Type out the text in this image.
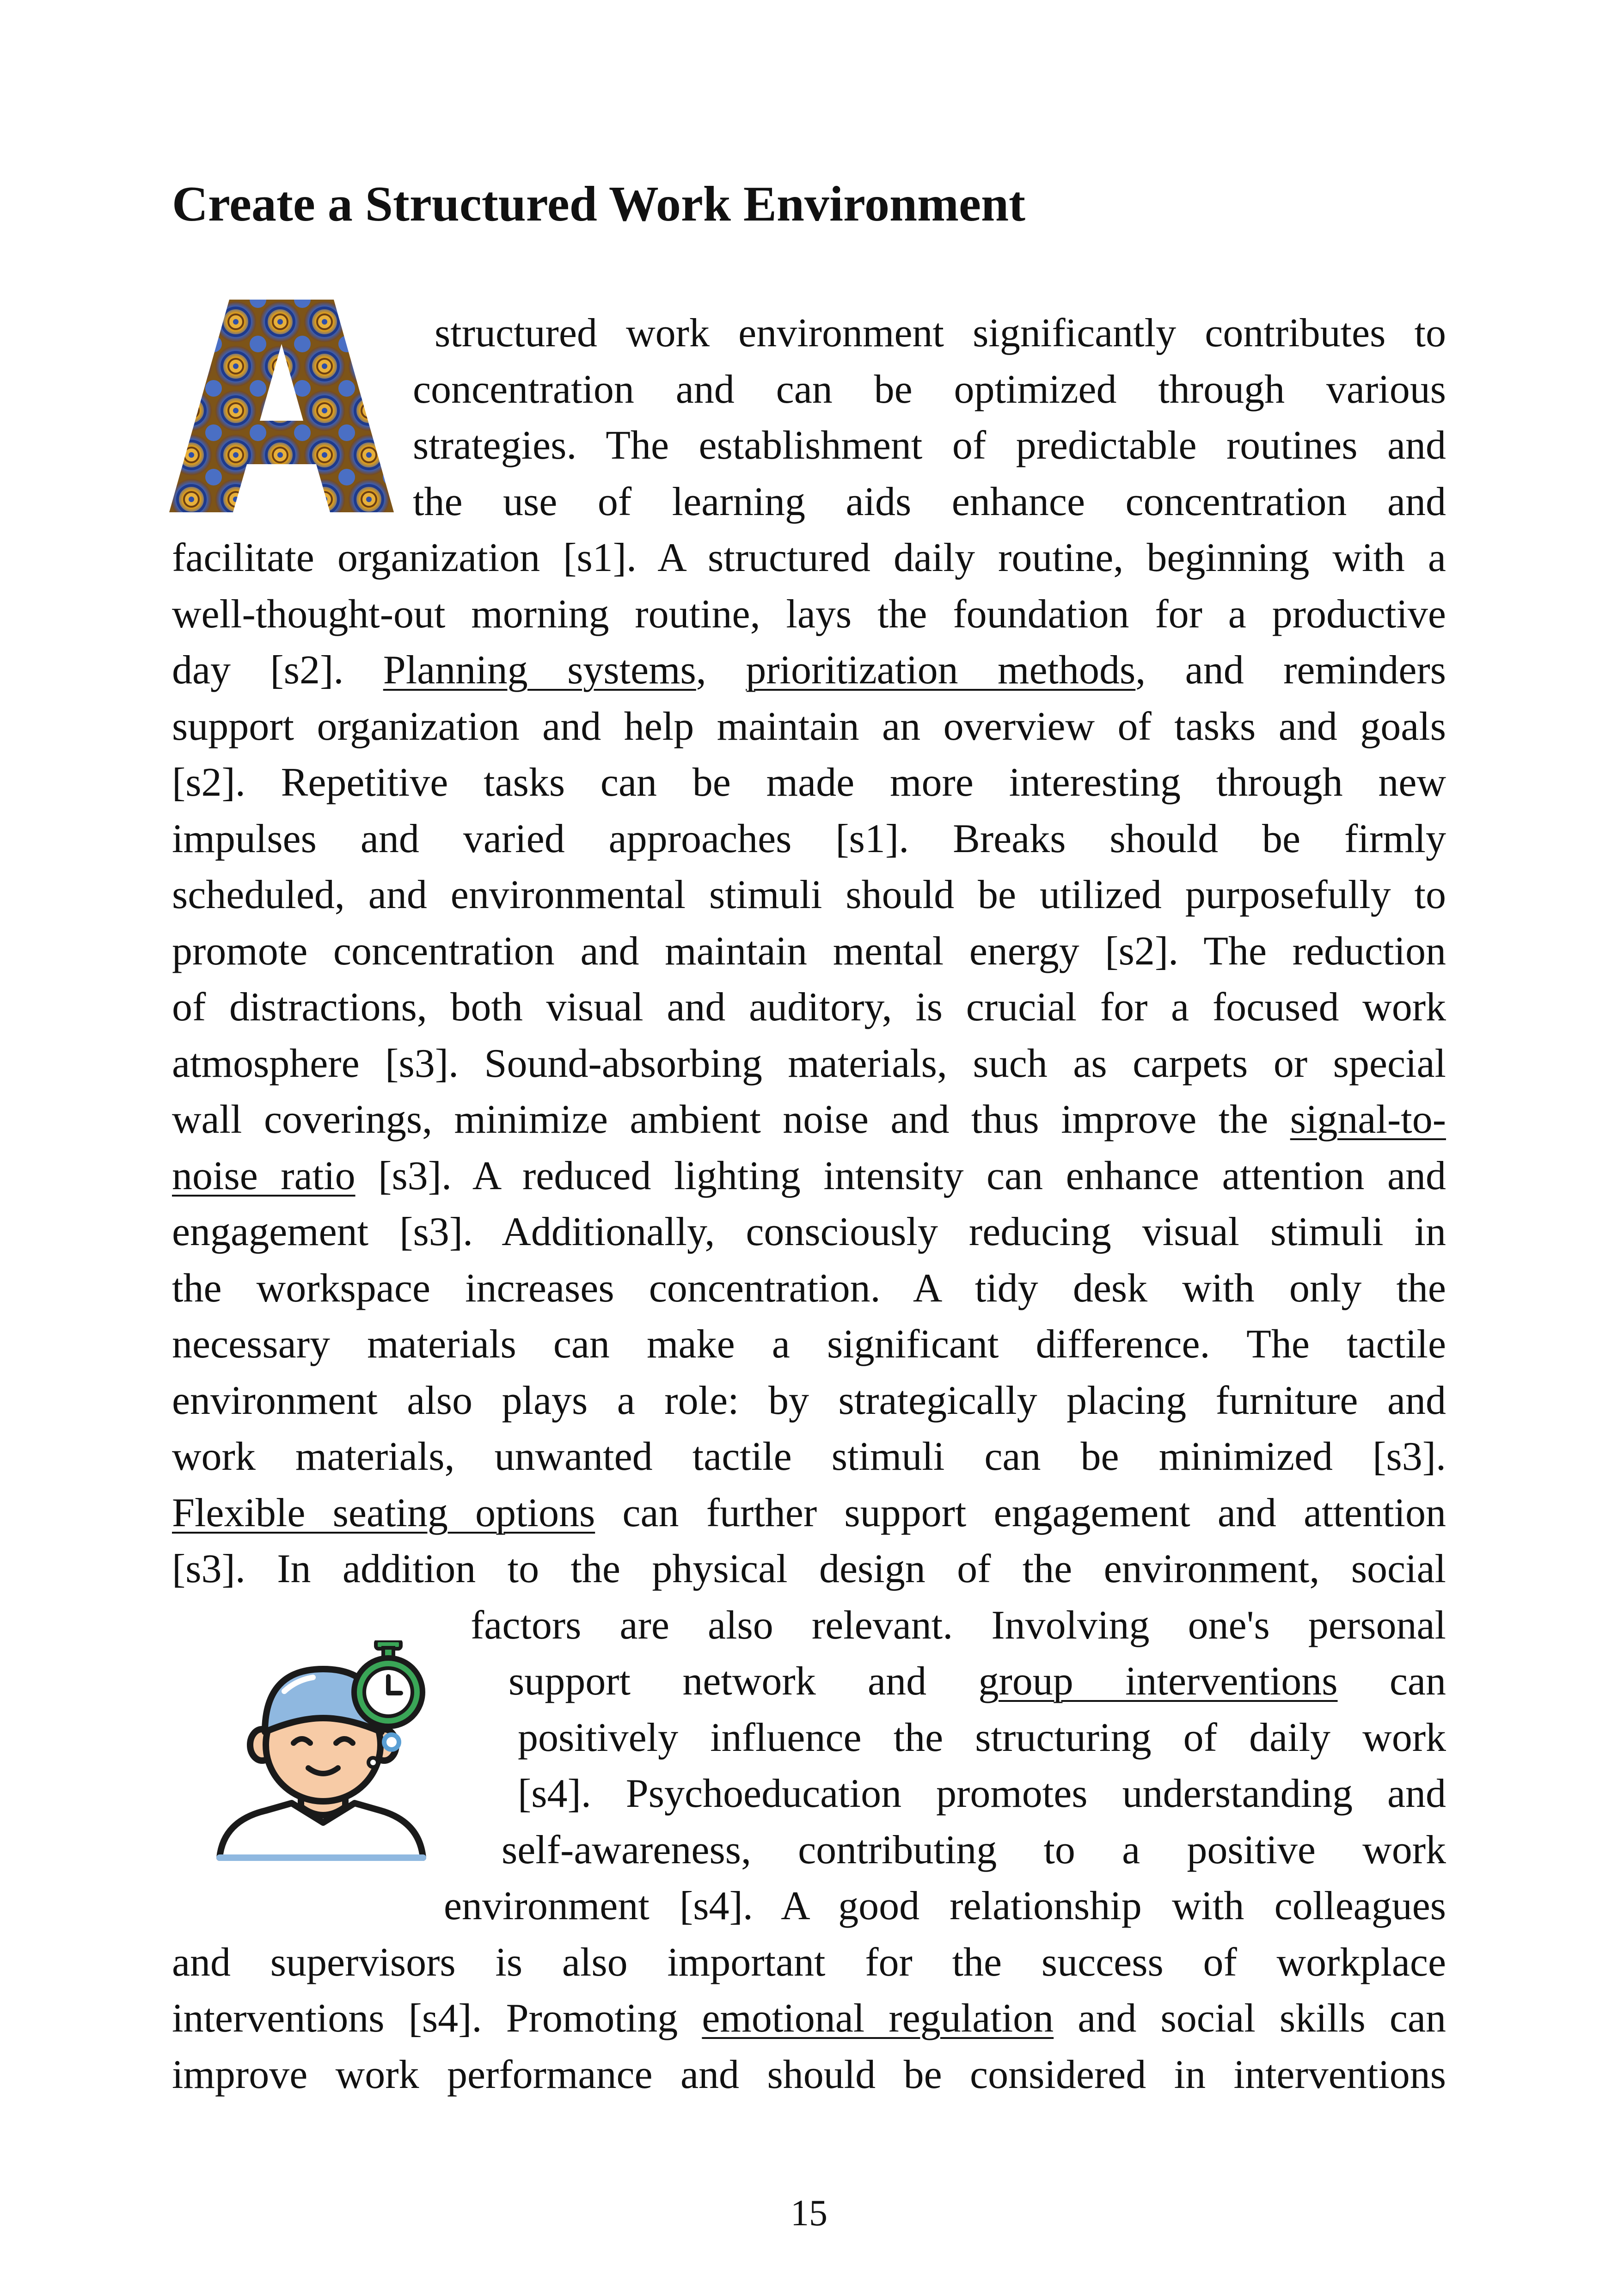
Create a Structured Work Environment
A
structured work environment significantly contributes to
concentration and can be optimized through various
strategies. The establishment of predictable routines and
the use of learning aids enhance concentration and
facilitate organization [s1]. A structured daily routine, beginning with a
well-thought-out morning routine, lays the foundation for a productive
day [s2]. Planning systems, prioritization methods, and reminders
support organization and help maintain an overview of tasks and goals
[s2]. Repetitive tasks can be made more interesting through new
impulses and varied approaches [s1]. Breaks should be firmly
scheduled, and environmental stimuli should be utilized purposefully to
promote concentration and maintain mental energy [s2]. The reduction
of distractions, both visual and auditory, is crucial for a focused work
atmosphere [s3]. Sound-absorbing materials, such as carpets or special
wall coverings, minimize ambient noise and thus improve the signal-to-
noise ratio [s3]. A reduced lighting intensity can enhance attention and
engagement [s3]. Additionally, consciously reducing visual stimuli in
the workspace increases concentration. A tidy desk with only the
necessary materials can make a significant difference. The tactile
environment also plays a role: by strategically placing furniture and
work materials, unwanted tactile stimuli can be minimized [s3].
Flexible seating options can further support engagement and attention
[s3]. In addition to the physical design of the environment, social
factors are also relevant. Involving one's personal
support network and group interventions can
positively influence the structuring of daily work
[s4]. Psychoeducation promotes understanding and
self-awareness, contributing to a positive work
environment [s4]. A good relationship with colleagues
and supervisors is also important for the success of workplace
interventions [s4]. Promoting emotional regulation and social skills can
improve work performance and should be considered in interventions
15
